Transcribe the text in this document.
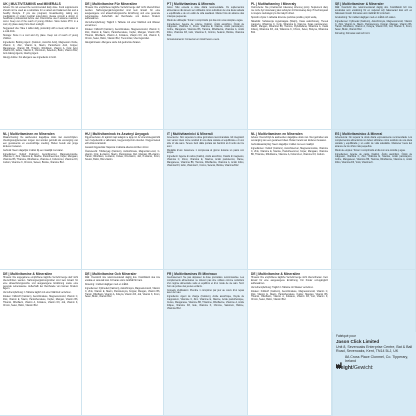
UK | MULTIVITAMINS and MINERALS

Advice: Do not exceed the recommended daily dose. Food supplements should not be used as a substitute for a varied and balanced diet and a healthy lifestyle. If you are pregnant, breastfeeding, taking any medications or under medical supervision, please consult a doctor or healthcare professional before use. Discontinue use if adverse reactions occur. Keep out of the reach of young children. Store below 25°C in a cool, dry place away from direct sunlight.

Suggested Use: Take 1 tablet daily, preferably with a meal, with water or a cold drink.

Storage: Store in a cool and dry place. Keep out of reach of young children.

Ingredients: Bulking Agent: (Calcium, Ascorbic Acid), Magnesium Oxide, Vitamin C, Zinc, Vitamin E, Niacin, Pantothenic Acid, Copper, Manganese, Vitamin B6, Thiamin, Riboflavin, Vitamin A, Folic Acid, Vitamin D3, Iodine, Vitamin K, Chromium, Selenium, Biotin, Vitamin B12, Anti-Caking Agents, Glazing Agent.

Allergy Advice: For allergens see ingredients in bold.

DE | Multivitamine Für Mineralien

Hinweis: Die empfohlene tägliche Verzehrmenge darf nicht überschritten werden. Nahrungsergänzungsmittel sind kein Ersatz für eine ausgewogene und abwechslungsreiche Ernährung und eine gesunde Lebensweise. Außerhalb der Reichweite von kleinen Kindern aufbewahren.

Verzehrempfehlung: Täglich 1 Tablette mit einer Mahlzeit und Wasser einnehmen.

Zutaten: Füllstoff (Calcium), Ascorbinsäure, Magnesiumoxid, Vitamin C, Zink, Vitamin E, Niacin, Pantothensäure, Kupfer, Mangan, Vitamin B6, Thiamin, Riboflavin, Vitamin A, Folsäure, Vitamin D3, Jod, Vitamin K, Chrom, Selen, Biotin, Vitamin B12, Trennmittel, Überzugsmittel.

Allergiehinweis: Allergene siehe fett gedruckte Zutaten.

PT | Multivitaminas & Minerais

Aviso: Não exceda a dose diária recomendada. Os suplementos alimentares não devem ser utilizados como substituto de uma dieta variada e equilibrada e de um estilo de vida saudável. Manter fora do alcance das crianças pequenas.

Modo de utilização: Tomar 1 comprimido por dia com uma refeição e água.

Ingredientes: Agente de volume (Cálcio), Ácido ascórbico, Óxido de magnésio, Vitamina C, Zinco, Vitamina E, Niacina, Ácido pantoténico, Cobre, Manganês, Vitamina B6, Tiamina, Riboflavina, Vitamina A, Ácido fólico, Vitamina D3, Iodo, Vitamina K, Crómio, Selénio, Biotina, Vitamina B12.

Armazenamento: Conservar em local fresco e seco.

PL | Multiwitaminy I Minerały

Ostrzeżenie: Nie przekraczać zalecanej dziennej porcji. Suplement diety nie może być stosowany jako substytut zróżnicowanej diety. Przechowywać w miejscu niedostępnym dla małych dzieci.

Sposób użycia: 1 tabletka dziennie podczas posiłku, popić wodą.

Składniki: Substancja wypełniająca (Wapń), Kwas askorbinowy, Tlenek magnezu, Witamina C, Cynk, Witamina E, Niacyna, Kwas pantotenowy, Miedź, Mangan, Witamina B6, Tiamina, Ryboflawina, Witamina A, Kwas foliowy, Witamina D3, Jod, Witamina K, Chrom, Selen, Biotyna, Witamina B12.

SE | Multivitaminer & Mineraler

Råd: Överskrid inte rekommenderad daglig dos. Kosttillskott bör inte användas som ersättning för en varierad och balanserad kost och en hälsosam livsstil. Förvaras utom räckhåll för små barn.

Användning: Ta 1 tablett dagligen med en måltid och vatten.

Ingredienser: Fyllmedel (Kalcium), Askorbinsyra, Magnesiumoxid, Vitamin C, Zink, Vitamin E, Niacin, Pantotensyra, Koppar, Mangan, Vitamin B6, Tiamin, Riboflavin, Vitamin A, Folsyra, Vitamin D3, Jod, Vitamin K, Krom, Selen, Biotin, Vitamin B12.

Förvaring: Förvaras svalt och torrt.

NL | Multivitaminen en Mineralen

Waarschuwing: De aanbevolen dagelijkse dosis niet overschrijden. Voedingssupplementen mogen niet worden gebruikt als vervanging van een gevarieerde en evenwichtige voeding. Buiten bereik van jonge kinderen bewaren.

Gebruik: Neem dagelijks 1 tablet bij een maaltijd met water.

Ingrediënten: Vulstof (Calcium), Ascorbinezuur, Magnesiumoxide, Vitamine C, Zink, Vitamine E, Niacine, Pantotheenzuur, Koper, Mangaan, Vitamine B6, Thiamine, Riboflavine, Vitamine A, Foliumzuur, Vitamine D3, Jodium, Vitamine K, Chroom, Seleen, Biotine, Vitamine B12.

HU | Multivitaminok és Ásványi Anyagok

Figyelmeztetés: Az ajánlott napi adagot ne lépje túl. Az étrend-kiegészítők nem helyettesítik a változatos, kiegyensúlyozott étrendet. Kisgyermekek elől elzárva tartandó.

Javasolt fogyasztás: Naponta 1 tabletta étkezés közben vízzel.

Összetevők: Töltőanyag (Kalcium), Aszkorbinsav, Magnézium-oxid, C-vitamin, Cink, E-vitamin, Niacin, Pantoténsav, Réz, Mangán, B6-vitamin, Tiamin, Riboflavin, A-vitamin, Folsav, D3-vitamin, Jód, K-vitamin, Króm, Szelén, Biotin, B12-vitamin.

IT | Multivitaminici & Minerali

Avvertenze: Non superare la dose giornaliera raccomandata. Gli integratori non vanno intesi come sostituti di una dieta variata ed equilibrata e di uno stile di vita sano. Tenere fuori dalla portata dei bambini al di sotto dei tre anni.

Modalità d'uso: Assumere 1 compressa al giorno durante un pasto con acqua.

Ingredienti: Agente di carica (Calcio), Acido ascorbico, Ossido di magnesio, Vitamina C, Zinco, Vitamina E, Niacina, Acido pantotenico, Rame, Manganese, Vitamina B6, Tiamina, Riboflavina, Vitamina A, Acido folico, Vitamina D3, Iodio, Vitamina K, Cromo, Selenio, Biotina, Vitamina B12.

NL | Multivitaminen en Mineralen

Advies: Overschrijd de aanbevolen dagelijkse dosis niet. Niet gebruiken als vervanging van een gevarieerd dieet. Buiten bereik van kinderen bewaren.

Gebruiksaanwijzing: Neem dagelijks 1 tablet met een maaltijd.

Ingrediënten: Vulstof (Calcium), Ascorbinezuur, Magnesiumoxide, Vitamine C, Zink, Vitamine E, Niacine, Pantotheenzuur, Koper, Mangaan, Vitamine B6, Thiamine, Riboflavine, Vitamine A, Foliumzuur, Vitamine D3, Jodium.

ES | Multivitamínico & Mineral

Advertencia: No superar la dosis diaria expresamente recomendada. Los complementos alimenticios no deben utilizarse como sustituto de una dieta variada y equilibrada y un estilo de vida saludable. Mantener fuera del alcance de los niños más pequeños.

Modo de empleo: Tomar 1 comprimido al día con una comida y agua.

Ingredientes: Agente de carga (Calcio), Ácido ascórbico, Óxido de magnesio, Vitamina C, Zinc, Vitamina E, Niacina, Ácido pantoténico, Cobre, Manganeso, Vitamina B6, Tiamina, Riboflavina, Vitamina A, Ácido fólico, Vitamina D3, Yodo, Vitamina K.

DE | Multivitamine & Mineralien

Hinweis: Die angegebene empfohlene tägliche Verzehrmenge darf nicht überschritten werden. Nahrungsergänzungsmittel sind kein Ersatz für eine abwechslungsreiche und ausgewogene Ernährung sowie eine gesunde Lebensweise. Außerhalb der Reichweite von kleinen Kindern lagern.

Verzehrempfehlung: 1 Tablette täglich mit einer Mahlzeit verzehren.

Zutaten: Füllstoff (Calcium), Ascorbinsäure, Magnesiumoxid, Vitamin C, Zink, Vitamin E, Niacin, Pantothensäure, Kupfer, Mangan, Vitamin B6, Thiamin, Riboflavin, Vitamin A, Folsäure, Vitamin D3, Jod, Vitamin K, Chrom, Selen, Biotin, Vitamin B12.

DE | Multivitamine Och Mineraler

Råd: Överskrid inte rekommenderad daglig dos. Kosttillskott ska inte ersätta en varierad kost. Förvaras utom räckhåll för barn.

Dosering: 1 tablett dagligen med en måltid.

Ingredienser: Fyllmedel (Kalcium), Askorbinsyra, Magnesiumoxid, Vitamin C, Zink, Vitamin E, Niacin, Pantotensyra, Koppar, Mangan, Vitamin B6, Tiamin, Riboflavin, Vitamin A, Folsyra, Vitamin D3, Jod, Vitamin K, Krom, Selen, Biotin, Vitamin B12.

FR | Multivitamines Et Minéraux

Avertissement: Ne pas dépasser la dose journalière recommandée. Les compléments alimentaires ne doivent pas être utilisés comme substituts d'un régime alimentaire varié et équilibré et d'un mode de vie sain. Tenir hors de portée des jeunes enfants.

Conseils d'utilisation: Prendre 1 comprimé par jour au cours d'un repas avec de l'eau.

Ingrédients: Agent de charge (Calcium), Acide ascorbique, Oxyde de magnésium, Vitamine C, Zinc, Vitamine E, Niacine, Acide pantothénique, Cuivre, Manganèse, Vitamine B6, Thiamine, Riboflavine, Vitamine A, Acide folique, Vitamine D3, Iode, Vitamine K, Chrome, Sélénium, Biotine, Vitamine B12.

DE | Multivitamine & Mineralien

Hinweis: Die empfohlene tägliche Verzehrmenge nicht überschreiten. Kein Ersatz für eine ausgewogene Ernährung. Für Kinder unzugänglich aufbewahren.

Verzehrempfehlung: Täglich 1 Tablette mit Wasser verzehren.

Zutaten: Füllstoff (Calcium), Ascorbinsäure, Magnesiumoxid, Vitamin C, Zink, Vitamin E, Niacin, Pantothensäure, Kupfer, Mangan, Vitamin B6, Thiamin, Riboflavin, Vitamin A, Folsäure, Vitamin D3, Jod, Vitamin K, Chrom, Selen, Biotin, Vitamin B12.

Fabriqué pour
Jason Click Limited
Unit 8, Sevenoaks Enterprise Centre, Bat & Ball Road, Sevenoaks, Kent, TN14 5LJ, UK
8A Cross Place Clonmel, Co. Tipperary, Ireland
Weight/Gewicht:
